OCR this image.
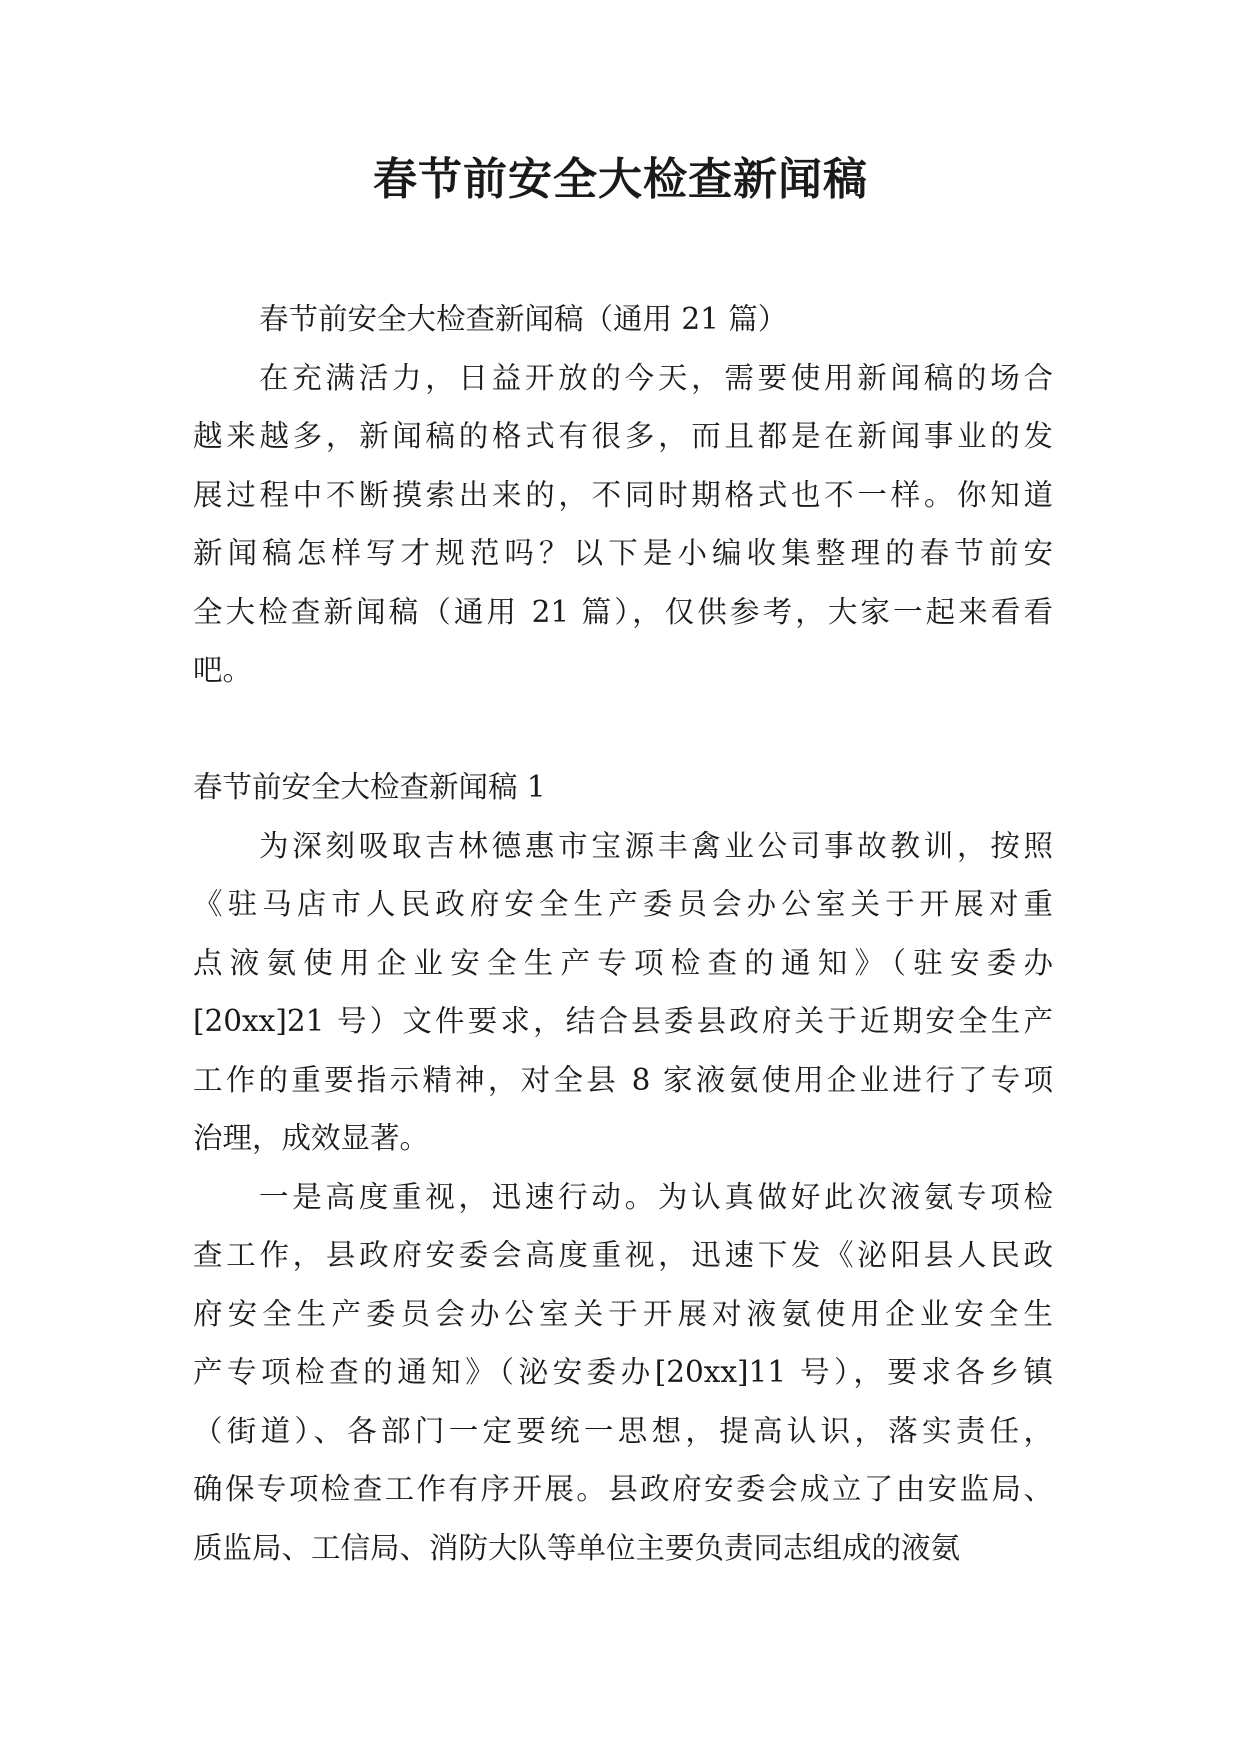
春节前安全大检查新闻稿
春节前安全大检查新闻稿（通用 21 篇）
在充满活力，日益开放的今天，需要使用新闻稿的场合
越来越多，新闻稿的格式有很多，而且都是在新闻事业的发
展过程中不断摸索出来的，不同时期格式也不一样。你知道
新闻稿怎样写才规范吗？以下是小编收集整理的春节前安
全大检查新闻稿（通用 21 篇），仅供参考，大家一起来看看
吧。
春节前安全大检查新闻稿 1
为深刻吸取吉林德惠市宝源丰禽业公司事故教训，按照
《驻马店市人民政府安全生产委员会办公室关于开展对重
点液氨使用企业安全生产专项检查的通知》（驻安委办
[20xx]21 号）文件要求，结合县委县政府关于近期安全生产
工作的重要指示精神，对全县 8 家液氨使用企业进行了专项
治理，成效显著。
一是高度重视，迅速行动。为认真做好此次液氨专项检
查工作，县政府安委会高度重视，迅速下发《泌阳县人民政
府安全生产委员会办公室关于开展对液氨使用企业安全生
产专项检查的通知》（泌安委办[20xx]11 号），要求各乡镇
（街道）、各部门一定要统一思想，提高认识，落实责任，
确保专项检查工作有序开展。县政府安委会成立了由安监局、
质监局、工信局、消防大队等单位主要负责同志组成的液氨
